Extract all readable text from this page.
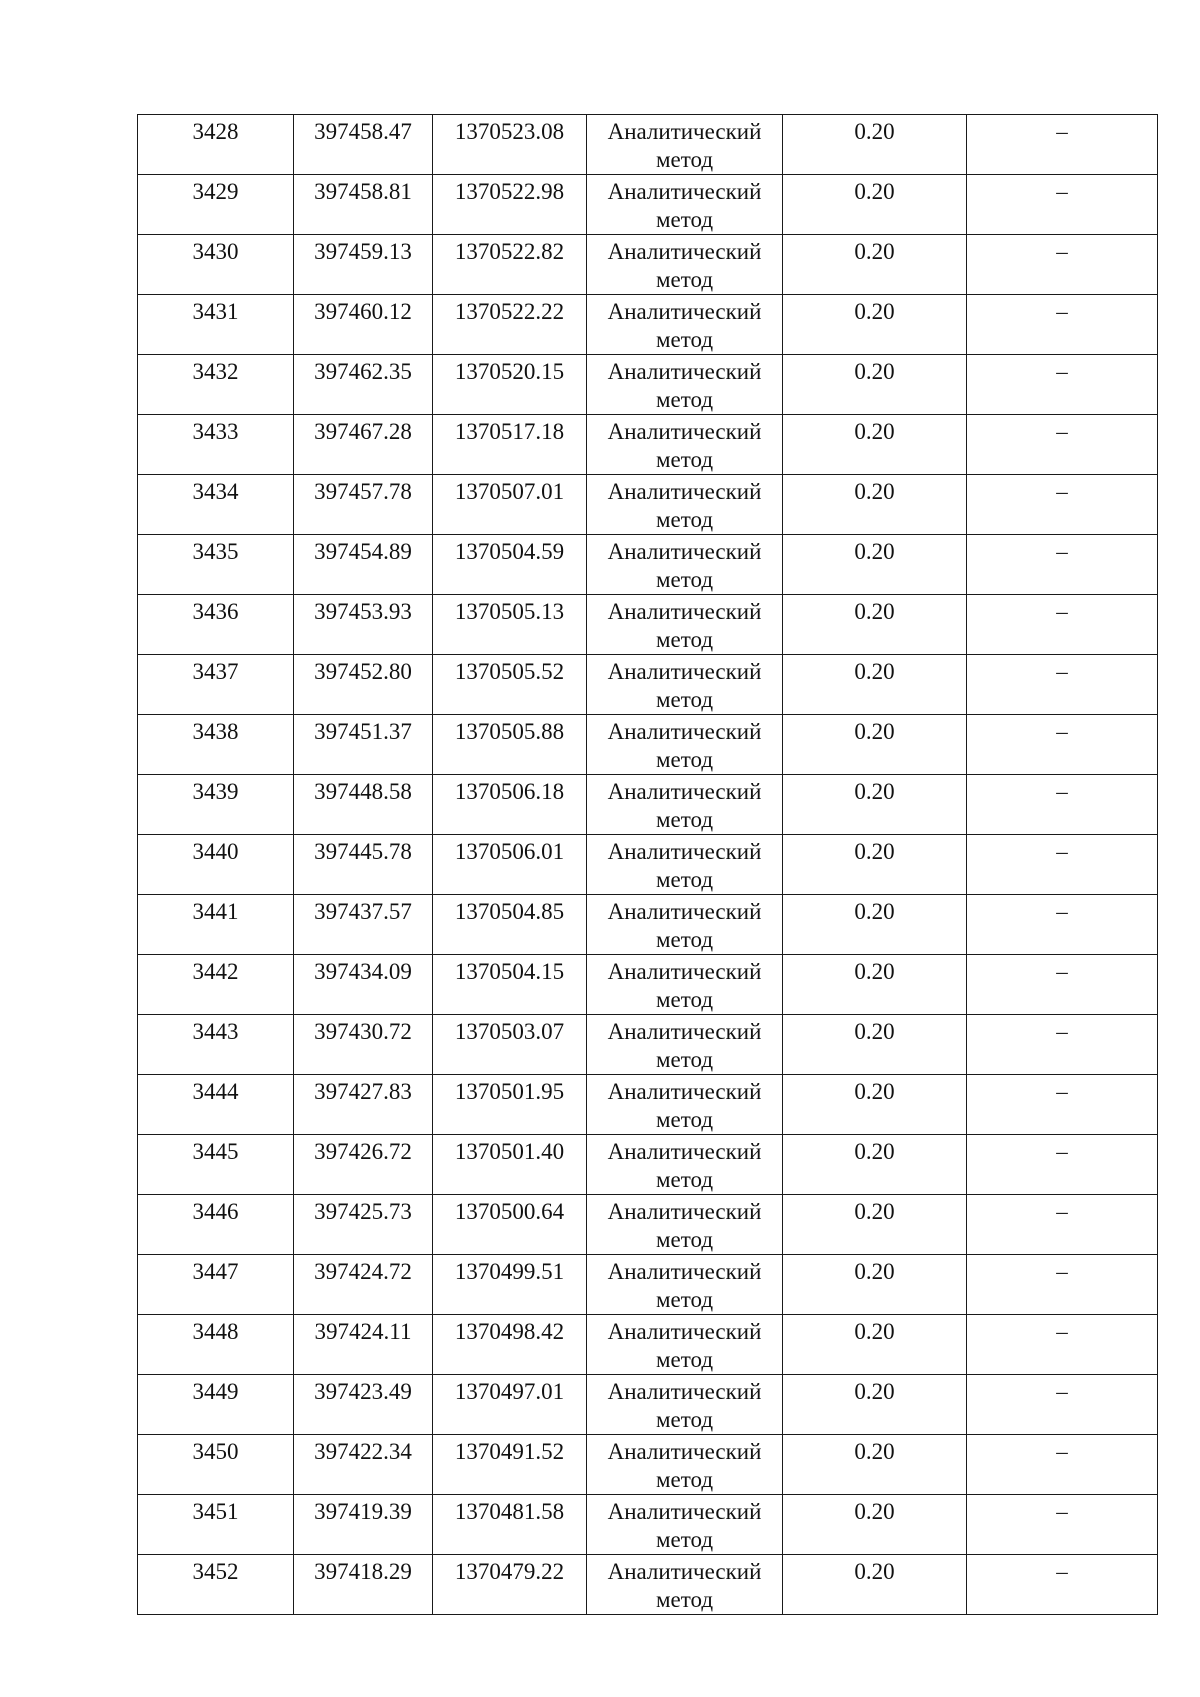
3428	397458.47	1370523.08	Аналитический метод	0.20	–

3429	397458.81	1370522.98	Аналитический метод	0.20	–

3430	397459.13	1370522.82	Аналитический метод	0.20	–

3431	397460.12	1370522.22	Аналитический метод	0.20	–

3432	397462.35	1370520.15	Аналитический метод	0.20	–

3433	397467.28	1370517.18	Аналитический метод	0.20	–

3434	397457.78	1370507.01	Аналитический метод	0.20	–

3435	397454.89	1370504.59	Аналитический метод	0.20	–

3436	397453.93	1370505.13	Аналитический метод	0.20	–

3437	397452.80	1370505.52	Аналитический метод	0.20	–

3438	397451.37	1370505.88	Аналитический метод	0.20	–

3439	397448.58	1370506.18	Аналитический метод	0.20	–

3440	397445.78	1370506.01	Аналитический метод	0.20	–

3441	397437.57	1370504.85	Аналитический метод	0.20	–

3442	397434.09	1370504.15	Аналитический метод	0.20	–

3443	397430.72	1370503.07	Аналитический метод	0.20	–

3444	397427.83	1370501.95	Аналитический метод	0.20	–

3445	397426.72	1370501.40	Аналитический метод	0.20	–

3446	397425.73	1370500.64	Аналитический метод	0.20	–

3447	397424.72	1370499.51	Аналитический метод	0.20	–

3448	397424.11	1370498.42	Аналитический метод	0.20	–

3449	397423.49	1370497.01	Аналитический метод	0.20	–

3450	397422.34	1370491.52	Аналитический метод	0.20	–

3451	397419.39	1370481.58	Аналитический метод	0.20	–

3452	397418.29	1370479.22	Аналитический метод	0.20	–
